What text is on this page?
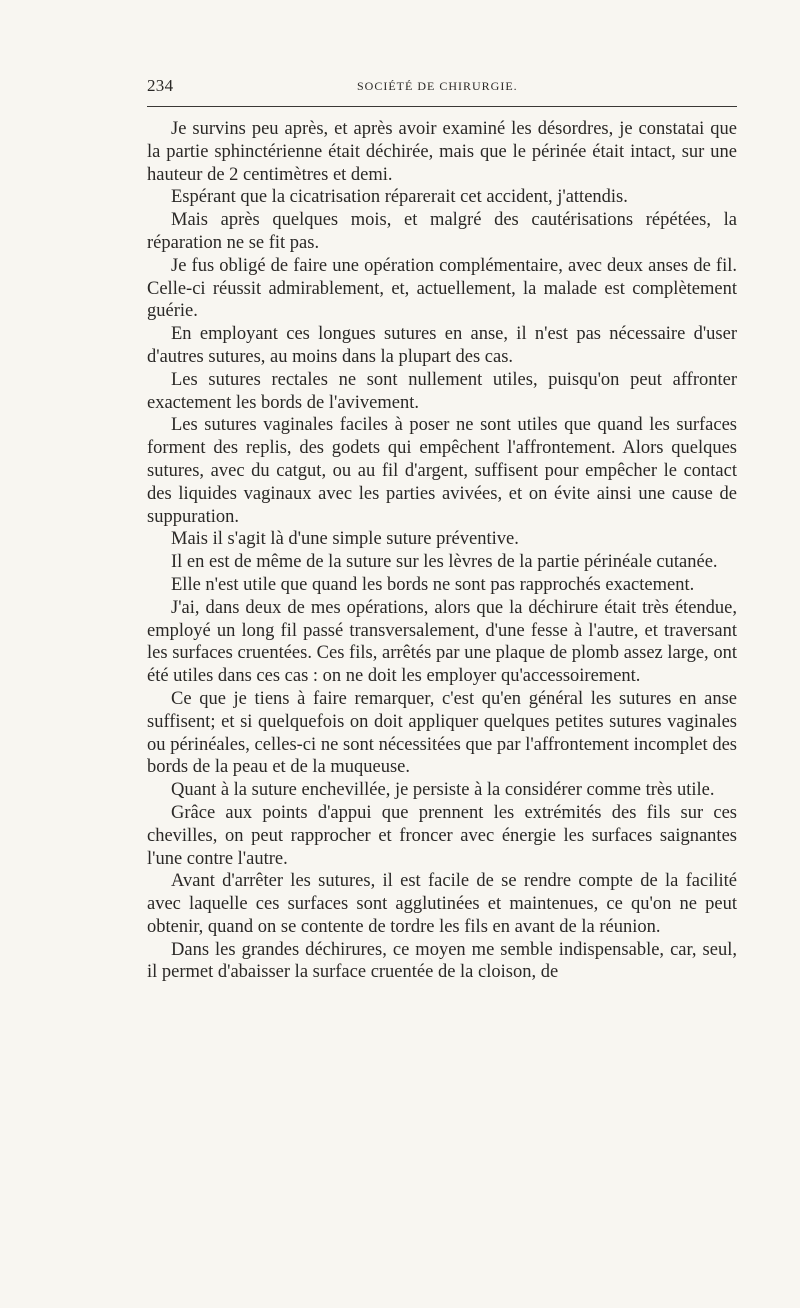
234	SOCIÉTÉ DE CHIRURGIE.

Je survins peu après, et après avoir examiné les désordres, je constatai que la partie sphinctérienne était déchirée, mais que le périnée était intact, sur une hauteur de 2 centimètres et demi.

Espérant que la cicatrisation réparerait cet accident, j'attendis.

Mais après quelques mois, et malgré des cautérisations répétées, la réparation ne se fit pas.

Je fus obligé de faire une opération complémentaire, avec deux anses de fil. Celle-ci réussit admirablement, et, actuellement, la malade est complètement guérie.

En employant ces longues sutures en anse, il n'est pas nécessaire d'user d'autres sutures, au moins dans la plupart des cas.

Les sutures rectales ne sont nullement utiles, puisqu'on peut affronter exactement les bords de l'avivement.

Les sutures vaginales faciles à poser ne sont utiles que quand les surfaces forment des replis, des godets qui empêchent l'affrontement. Alors quelques sutures, avec du catgut, ou au fil d'argent, suffisent pour empêcher le contact des liquides vaginaux avec les parties avivées, et on évite ainsi une cause de suppuration.

Mais il s'agit là d'une simple suture préventive.

Il en est de même de la suture sur les lèvres de la partie périnéale cutanée.

Elle n'est utile que quand les bords ne sont pas rapprochés exactement.

J'ai, dans deux de mes opérations, alors que la déchirure était très étendue, employé un long fil passé transversalement, d'une fesse à l'autre, et traversant les surfaces cruentées. Ces fils, arrêtés par une plaque de plomb assez large, ont été utiles dans ces cas : on ne doit les employer qu'accessoirement.

Ce que je tiens à faire remarquer, c'est qu'en général les sutures en anse suffisent; et si quelquefois on doit appliquer quelques petites sutures vaginales ou périnéales, celles-ci ne sont nécessitées que par l'affrontement incomplet des bords de la peau et de la muqueuse.

Quant à la suture enchevillée, je persiste à la considérer comme très utile.

Grâce aux points d'appui que prennent les extrémités des fils sur ces chevilles, on peut rapprocher et froncer avec énergie les surfaces saignantes l'une contre l'autre.

Avant d'arrêter les sutures, il est facile de se rendre compte de la facilité avec laquelle ces surfaces sont agglutinées et maintenues, ce qu'on ne peut obtenir, quand on se contente de tordre les fils en avant de la réunion.

Dans les grandes déchirures, ce moyen me semble indispensable, car, seul, il permet d'abaisser la surface cruentée de la cloison, de
